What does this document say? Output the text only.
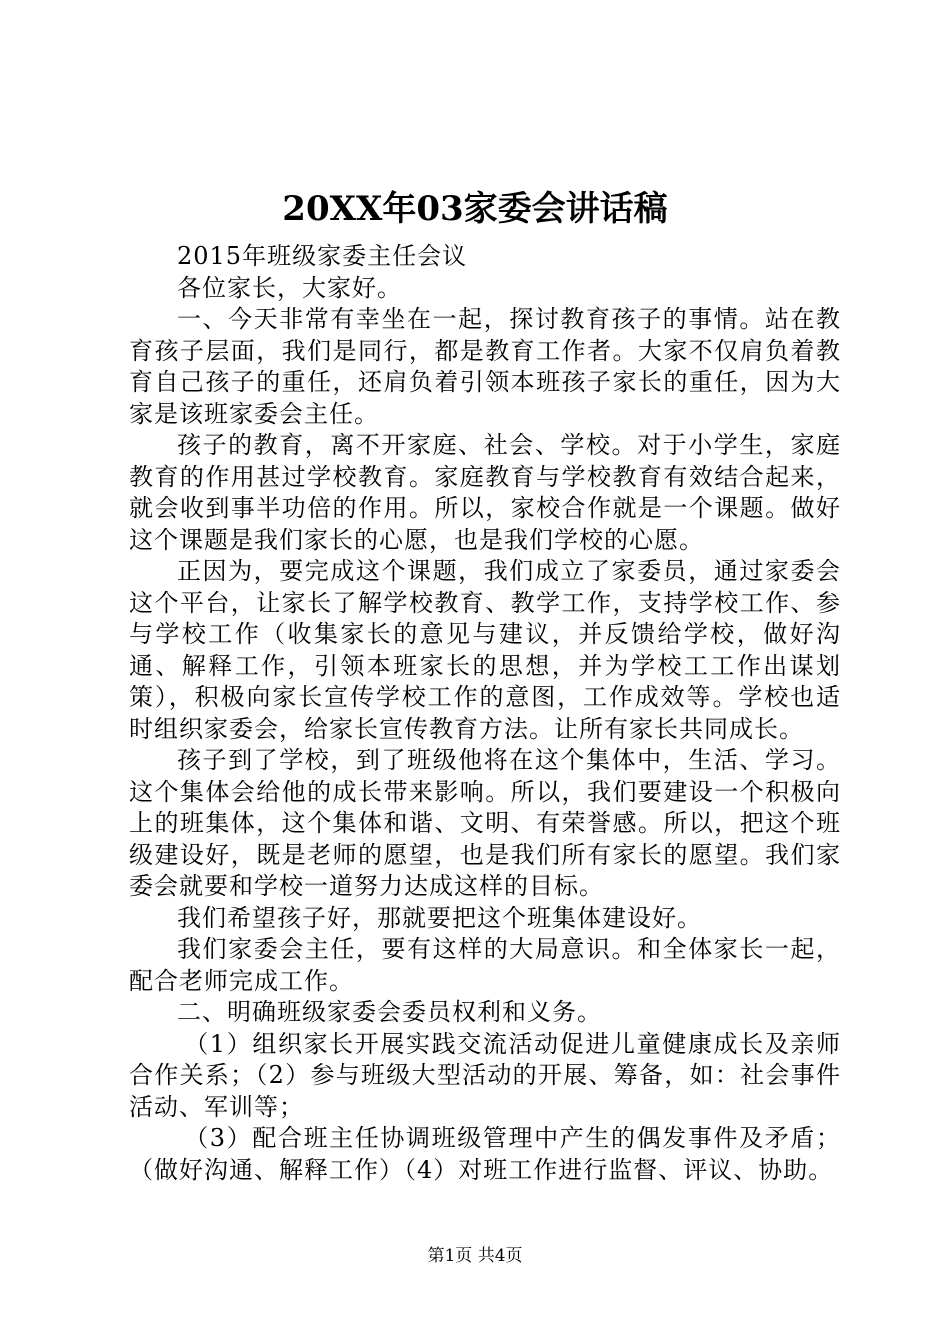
20XX年03家委会讲话稿

2015年班级家委主任会议

各位家长，大家好。

一、今天非常有幸坐在一起，探讨教育孩子的事情。站在教育孩子层面，我们是同行，都是教育工作者。大家不仅肩负着教育自己孩子的重任，还肩负着引领本班孩子家长的重任，因为大家是该班家委会主任。

孩子的教育，离不开家庭、社会、学校。对于小学生，家庭教育的作用甚过学校教育。家庭教育与学校教育有效结合起来，就会收到事半功倍的作用。所以，家校合作就是一个课题。做好这个课题是我们家长的心愿，也是我们学校的心愿。

正因为，要完成这个课题，我们成立了家委员，通过家委会这个平台，让家长了解学校教育、教学工作，支持学校工作、参与学校工作（收集家长的意见与建议，并反馈给学校，做好沟通、解释工作，引领本班家长的思想，并为学校工工作出谋划策），积极向家长宣传学校工作的意图，工作成效等。学校也适时组织家委会，给家长宣传教育方法。让所有家长共同成长。

孩子到了学校，到了班级他将在这个集体中，生活、学习。这个集体会给他的成长带来影响。所以，我们要建设一个积极向上的班集体，这个集体和谐、文明、有荣誉感。所以，把这个班级建设好，既是老师的愿望，也是我们所有家长的愿望。我们家委会就要和学校一道努力达成这样的目标。

我们希望孩子好，那就要把这个班集体建设好。

我们家委会主任，要有这样的大局意识。和全体家长一起，配合老师完成工作。

二、明确班级家委会委员权利和义务。

（1）组织家长开展实践交流活动促进儿童健康成长及亲师合作关系；（2）参与班级大型活动的开展、筹备，如：社会事件活动、军训等；

（3）配合班主任协调班级管理中产生的偶发事件及矛盾；（做好沟通、解释工作）（4）对班工作进行监督、评议、协助。

第1页 共4页
